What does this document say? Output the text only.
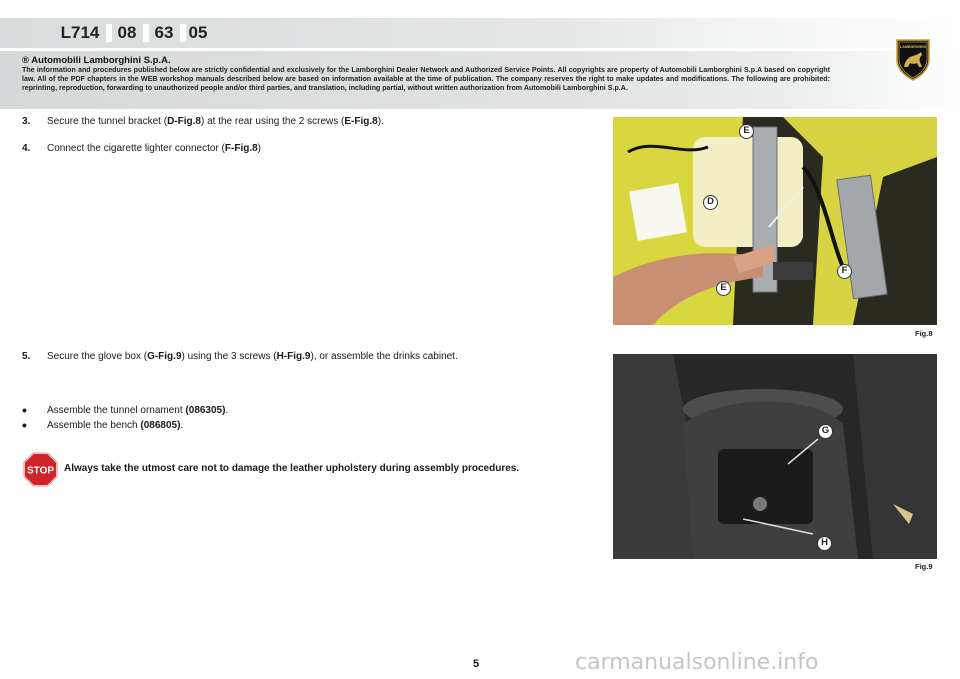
L714	08	63 05
® Automobili Lamborghini S.p.A.
The information and procedures published below are strictly confidential and exclusively for the Lamborghini Dealer Network and Authorized Service Points. All copyrights are property of Automobili Lamborghini S.p.A based on copyright law. All of the PDF chapters in the WEB workshop manuals described below are based on information available at the time of publication. The company reserves the right to make updates and modifications. The following are prohibited: reprinting, reproduction, forwarding to unauthorized people and/or third parties, and translation, including partial, without written authorization from Automobili Lamborghini S.p.A.
LAMBORGHINI
3. Secure the tunnel bracket (D-Fig.8) at the rear using the 2 screws (E-Fig.8).
4. Connect the cigarette lighter connector (F-Fig.8)
5. Secure the glove box (G-Fig.9) using the 3 screws (H-Fig.9), or assemble the drinks cabinet.
• Assemble the tunnel ornament (086305).
• Assemble the bench (086805).
STOP Always take the utmost care not to damage the leather upholstery during assembly procedures.
E
D
F
E
Fig.8
G
H
Fig.9
5	carmanualsonline.info
